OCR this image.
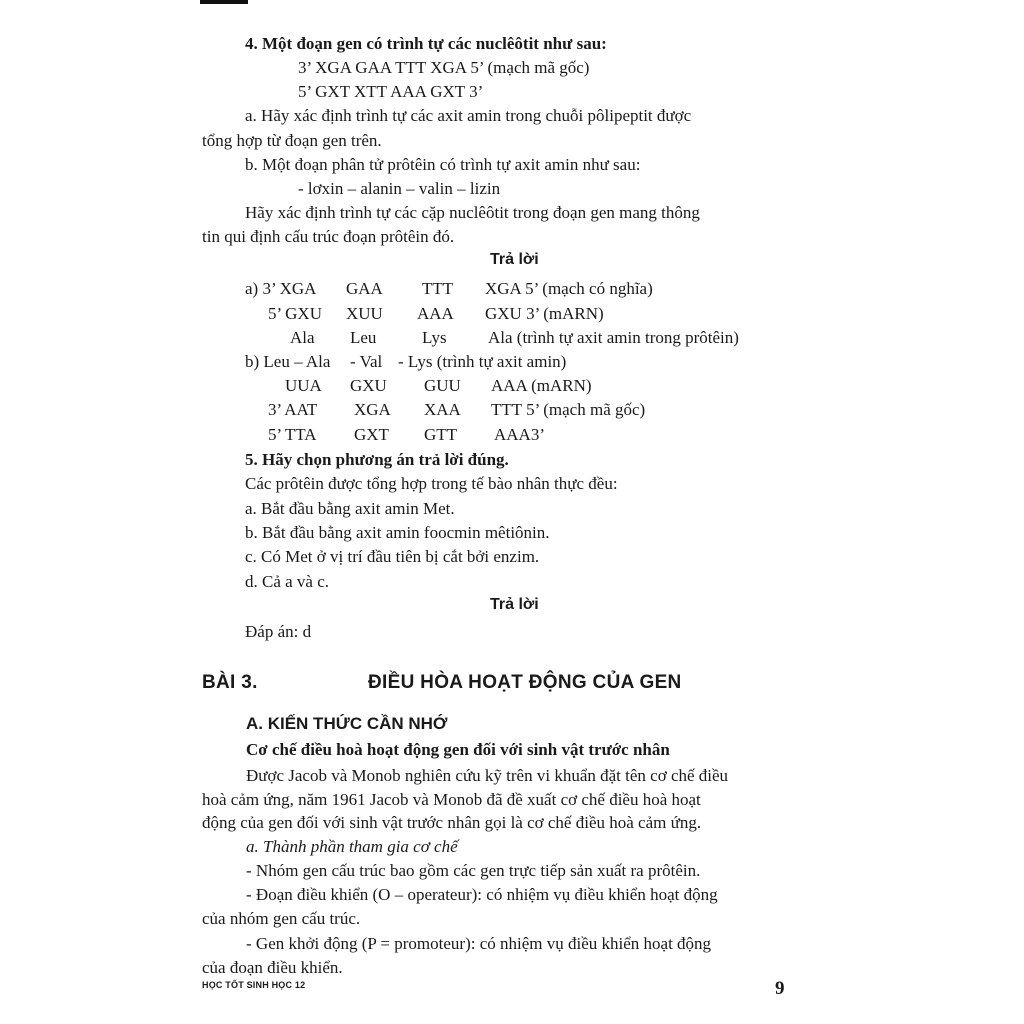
4. Một đoạn gen có trình tự các nuclêôtit như sau:
3’ XGA GAA TTT XGA 5’ (mạch mã gốc)
5’ GXT XTT AAA GXT 3’
a. Hãy xác định trình tự các axit amin trong chuỗi pôlipeptit được
tổng hợp từ đoạn gen trên.
b. Một đoạn phân tử prôtêin có trình tự axit amin như sau:
- lơxin – alanin – valin – lizin
Hãy xác định trình tự các cặp nuclêôtit trong đoạn gen mang thông
tin qui định cấu trúc đoạn prôtêin đó.
Trả lời
a) 3’ XGA GAA TTT XGA 5’ (mạch có nghĩa)
5’ GXU XUU AAA GXU 3’ (mARN)
Ala Leu	Lys Ala (trình tự axit amin trong prôtêin)
b) Leu – Ala - Val - Lys (trình tự axit amin)
UUA GXU GUU AAA (mARN)
3’ AAT XGA XAA TTT 5’ (mạch mã gốc)
5’ TTA GXT GTT AAA3’
5. Hãy chọn phương án trả lời đúng.
Các prôtêin được tổng hợp trong tế bào nhân thực đều:
a. Bắt đầu bằng axit amin Met.
b. Bắt đầu bằng axit amin foocmin mêtiônin.
c. Có Met ở vị trí đầu tiên bị cắt bởi enzim.
d. Cả a và c.
Trả lời
Đáp án: d
BÀI 3.	ĐIỀU HÒA HOẠT ĐỘNG CỦA GEN
A. KIẾN THỨC CẦN NHỚ
Cơ chế điều hoà hoạt động gen đối với sinh vật trước nhân
Được Jacob và Monob nghiên cứu kỹ trên vi khuẩn đặt tên cơ chế điều
hoà cảm ứng, năm 1961 Jacob và Monob đã đề xuất cơ chế điều hoà hoạt
động của gen đối với sinh vật trước nhân gọi là cơ chế điều hoà cảm ứng.
a. Thành phần tham gia cơ chế
- Nhóm gen cấu trúc bao gồm các gen trực tiếp sản xuất ra prôtêin.
- Đoạn điều khiển (O – operateur): có nhiệm vụ điều khiển hoạt động
của nhóm gen cấu trúc.
- Gen khởi động (P = promoteur): có nhiệm vụ điều khiển hoạt động
của đoạn điều khiển.
HỌC TỐT SINH HỌC 12	9
